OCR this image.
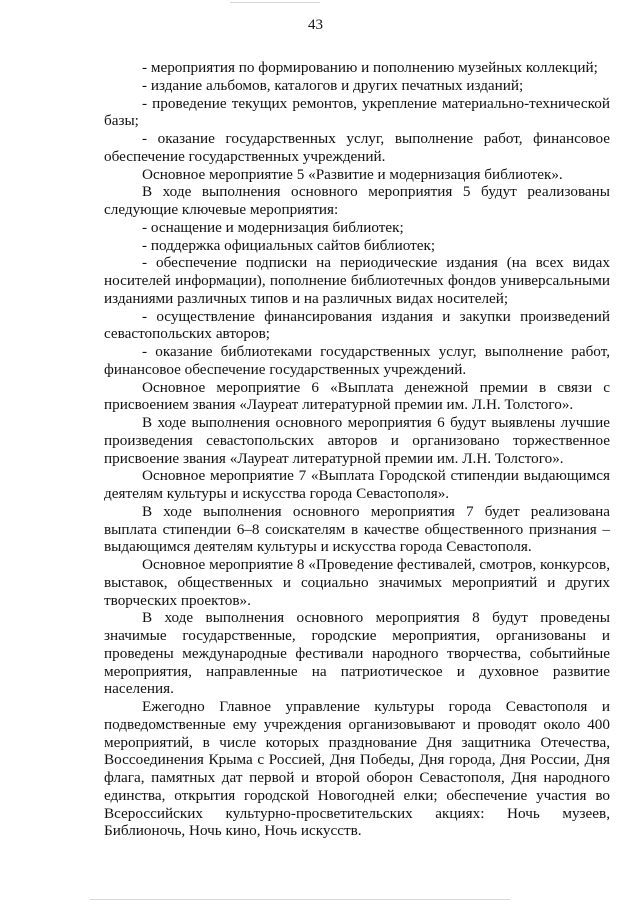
43

- мероприятия по формированию и пополнению музейных коллекций;

- издание альбомов, каталогов и других печатных изданий;

- проведение текущих ремонтов, укрепление материально-технической базы;

- оказание государственных услуг, выполнение работ, финансовое обеспечение государственных учреждений.

Основное мероприятие 5 «Развитие и модернизация библиотек».

В ходе выполнения основного мероприятия 5 будут реализованы следующие ключевые мероприятия:

- оснащение и модернизация библиотек;

- поддержка официальных сайтов библиотек;

- обеспечение подписки на периодические издания (на всех видах носителей информации), пополнение библиотечных фондов универсальными изданиями различных типов и на различных видах носителей;

- осуществление финансирования издания и закупки произведений севастопольских авторов;

- оказание библиотеками государственных услуг, выполнение работ, финансовое обеспечение государственных учреждений.

Основное мероприятие 6 «Выплата денежной премии в связи с присвоением звания «Лауреат литературной премии им. Л.Н. Толстого».

В ходе выполнения основного мероприятия 6 будут выявлены лучшие произведения севастопольских авторов и организовано торжественное присвоение звания «Лауреат литературной премии им. Л.Н. Толстого».

Основное мероприятие 7 «Выплата Городской стипендии выдающимся деятелям культуры и искусства города Севастополя».

В ходе выполнения основного мероприятия 7 будет реализована выплата стипендии 6–8 соискателям в качестве общественного признания – выдающимся деятелям культуры и искусства города Севастополя.

Основное мероприятие 8 «Проведение фестивалей, смотров, конкурсов, выставок, общественных и социально значимых мероприятий и других творческих проектов».

В ходе выполнения основного мероприятия 8 будут проведены значимые государственные, городские мероприятия, организованы и проведены международные фестивали народного творчества, событийные мероприятия, направленные на патриотическое и духовное развитие населения.

Ежегодно Главное управление культуры города Севастополя и подведомственные ему учреждения организовывают и проводят около 400 мероприятий, в числе которых празднование Дня защитника Отечества, Воссоединения Крыма с Россией, Дня Победы, Дня города, Дня России, Дня флага, памятных дат первой и второй оборон Севастополя, Дня народного единства, открытия городской Новогодней елки; обеспечение участия во Всероссийских культурно-просветительских акциях: Ночь музеев, Библионочь, Ночь кино, Ночь искусств.
